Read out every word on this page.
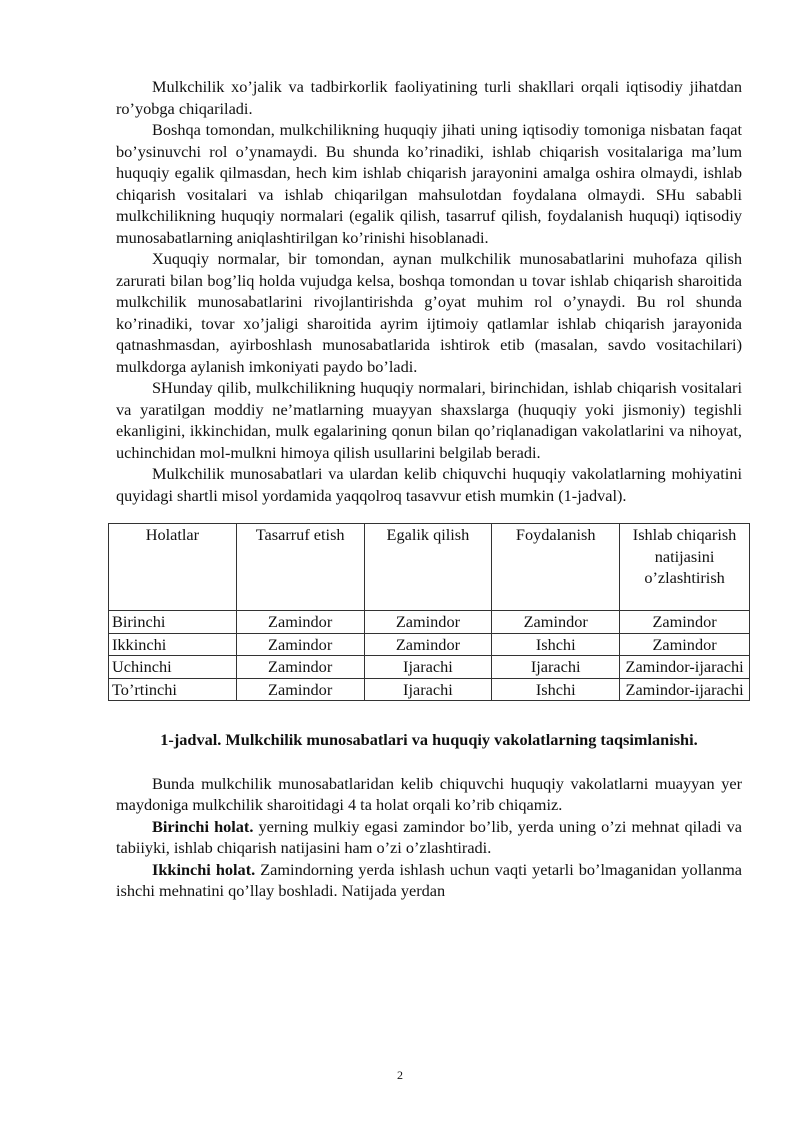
Mulkchilik xo’jalik va tadbirkorlik faoliyatining turli shakllari orqali iqtisodiy jihatdan ro’yobga chiqariladi.

Boshqa tomondan, mulkchilikning huquqiy jihati uning iqtisodiy tomoniga nisbatan faqat bo’ysinuvchi rol o’ynamaydi. Bu shunda ko’rinadiki, ishlab chiqarish vositalariga ma’lum huquqiy egalik qilmasdan, hech kim ishlab chiqarish jarayonini amalga oshira olmaydi, ishlab chiqarish vositalari va ishlab chiqarilgan mahsulotdan foydalana olmaydi. SHu sababli mulkchilikning huquqiy normalari (egalik qilish, tasarruf qilish, foydalanish huquqi) iqtisodiy munosabatlarning aniqlashtirilgan ko’rinishi hisoblanadi.

Xuquqiy normalar, bir tomondan, aynan mulkchilik munosabatlarini muhofaza qilish zarurati bilan bog’liq holda vujudga kelsa, boshqa tomondan u tovar ishlab chiqarish sharoitida mulkchilik munosabatlarini rivojlantirishda g’oyat muhim rol o’ynaydi. Bu rol shunda ko’rinadiki, tovar xo’jaligi sharoitida ayrim ijtimoiy qatlamlar ishlab chiqarish jarayonida qatnashmasdan, ayirboshlash munosabatlarida ishtirok etib (masalan, savdo vositachilari) mulkdorga aylanish imkoniyati paydo bo’ladi.

SHunday qilib, mulkchilikning huquqiy normalari, birinchidan, ishlab chiqarish vositalari va yaratilgan moddiy ne’matlarning muayyan shaxslarga (huquqiy yoki jismoniy) tegishli ekanligini, ikkinchidan, mulk egalarining qonun bilan qo’riqlanadigan vakolatlarini va nihoyat, uchinchidan mol-mulkni himoya qilish usullarini belgilab beradi.

Mulkchilik munosabatlari va ulardan kelib chiquvchi huquqiy vakolatlarning mohiyatini quyidagi shartli misol yordamida yaqqolroq tasavvur etish mumkin (1-jadval).

Holatlar	Tasarruf etish	Egalik qilish	Foydalanish	Ishlab chiqarish natijasini o’zlashtirish
Birinchi	Zamindor	Zamindor	Zamindor	Zamindor
Ikkinchi	Zamindor	Zamindor	Ishchi	Zamindor
Uchinchi	Zamindor	Ijarachi	Ijarachi	Zamindor-ijarachi
To’rtinchi	Zamindor	Ijarachi	Ishchi	Zamindor-ijarachi
1-jadval. Mulkchilik munosabatlari va huquqiy vakolatlarning taqsimlanishi.

Bunda mulkchilik munosabatlaridan kelib chiquvchi huquqiy vakolatlarni muayyan yer maydoniga mulkchilik sharoitidagi 4 ta holat orqali ko’rib chiqamiz.

Birinchi holat. yerning mulkiy egasi zamindor bo’lib, yerda uning o’zi mehnat qiladi va tabiiyki, ishlab chiqarish natijasini ham o’zi o’zlashtiradi.

Ikkinchi holat. Zamindorning yerda ishlash uchun vaqti yetarli bo’lmaganidan yollanma ishchi mehnatini qo’llay boshladi. Natijada yerdan

2
